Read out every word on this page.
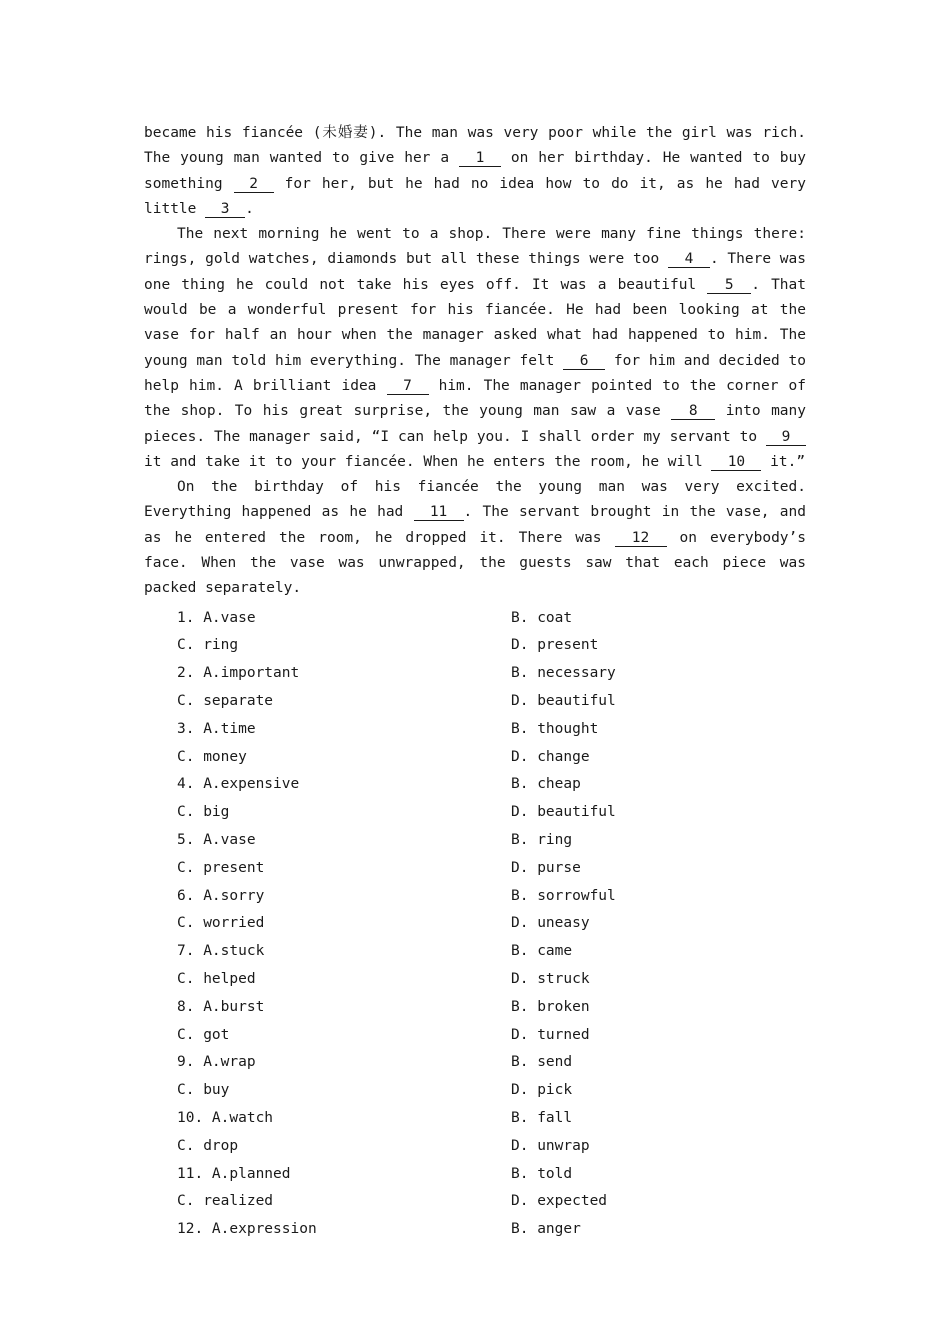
became his fiancée (未婚妻). The man was very poor while the girl was rich. The young man wanted to give her a 1 on her birthday. He wanted to buy something 2 for her, but he had no idea how to do it, as he had very little 3 .

The next morning he went to a shop. There were many fine things there: rings, gold watches, diamonds but all these things were too 4 . There was one thing he could not take his eyes off. It was a beautiful 5 . That would be a wonderful present for his fiancée. He had been looking at the vase for half an hour when the manager asked what had happened to him. The young man told him everything. The manager felt 6 for him and decided to help him. A brilliant idea 7 him. The manager pointed to the corner of the shop. To his great surprise, the young man saw a vase 8 into many pieces. The manager said, “I can help you. I shall order my servant to 9 it and take it to your fiancée. When he enters the room, he will 10 it.”

On the birthday of his fiancée the young man was very excited. Everything happened as he had 11 . The servant brought in the vase, and as he entered the room, he dropped it. There was 12 on everybody’s face. When the vase was unwrapped, the guests saw that each piece was packed separately.

1. A.vase	B. coat
C. ring	D. present
2. A.important	B. necessary
C. separate	D. beautiful
3. A.time	B. thought
C. money	D. change
4. A.expensive	B. cheap
C. big	D. beautiful
5. A.vase	B. ring
C. present	D. purse
6. A.sorry	B. sorrowful
C. worried	D. uneasy
7. A.stuck	B. came
C. helped	D. struck
8. A.burst	B. broken
C. got	D. turned
9. A.wrap	B. send
C. buy	D. pick
10. A.watch	B. fall
C. drop	D. unwrap
11. A.planned	B. told
C. realized	D. expected
12. A.expression	B. anger
